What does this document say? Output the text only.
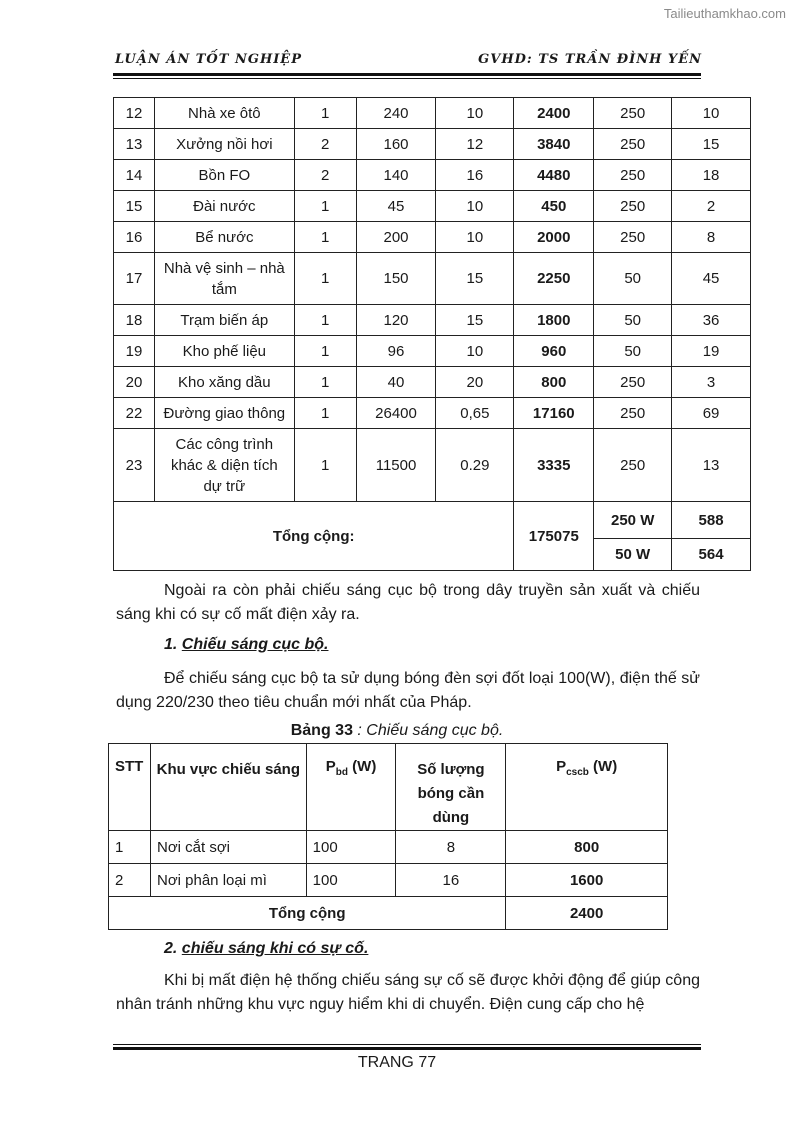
Tailieuthamkhao.com
LUẬN ÁN TỐT NGHIỆP	GVHD: TS TRẦN ĐÌNH YẾN
12	Nhà xe ôtô	1	240	10	2400	250	10
13	Xưởng nồi hơi	2	160	12	3840	250	15
14	Bồn FO	2	140	16	4480	250	18
15	Đài nước	1	45	10	450	250	2
16	Bể nước	1	200	10	2000	250	8
17	Nhà vệ sinh – nhà tắm	1	150	15	2250	50	45
18	Trạm biến áp	1	120	15	1800	50	36
19	Kho phế liệu	1	96	10	960	50	19
20	Kho xăng dầu	1	40	20	800	250	3
22	Đường giao thông	1	26400	0,65	17160	250	69
23	Các công trình khác & diện tích dự trữ	1	11500	0.29	3335	250	13
Tổng cộng:					175075	250 W	588
						50 W	564
Ngoài ra còn phải chiếu sáng cục bộ trong dây truyền sản xuất và chiếu sáng khi có sự cố mất điện xảy ra.
1. Chiếu sáng cục bộ.
Để chiếu sáng cục bộ ta sử dụng bóng đèn sợi đốt loại 100(W), điện thế sử dụng 220/230 theo tiêu chuẩn mới nhất của Pháp.
Bảng 33 : Chiếu sáng cục bộ.
STT	Khu vực chiếu sáng	$P_{bd}$ (W)	Số lượng bóng cần dùng	$P_{cscb}$ (W)
1	Nơi cắt sợi	100	8	800
2	Nơi phân loại mì	100	16	1600
Tổng cộng				2400
2. chiếu sáng khi có sự cố.
Khi bị mất điện hệ thống chiếu sáng sự cố sẽ được khởi động để giúp công nhân tránh những khu vực nguy hiểm khi di chuyển. Điện cung cấp cho hệ
TRANG 77
